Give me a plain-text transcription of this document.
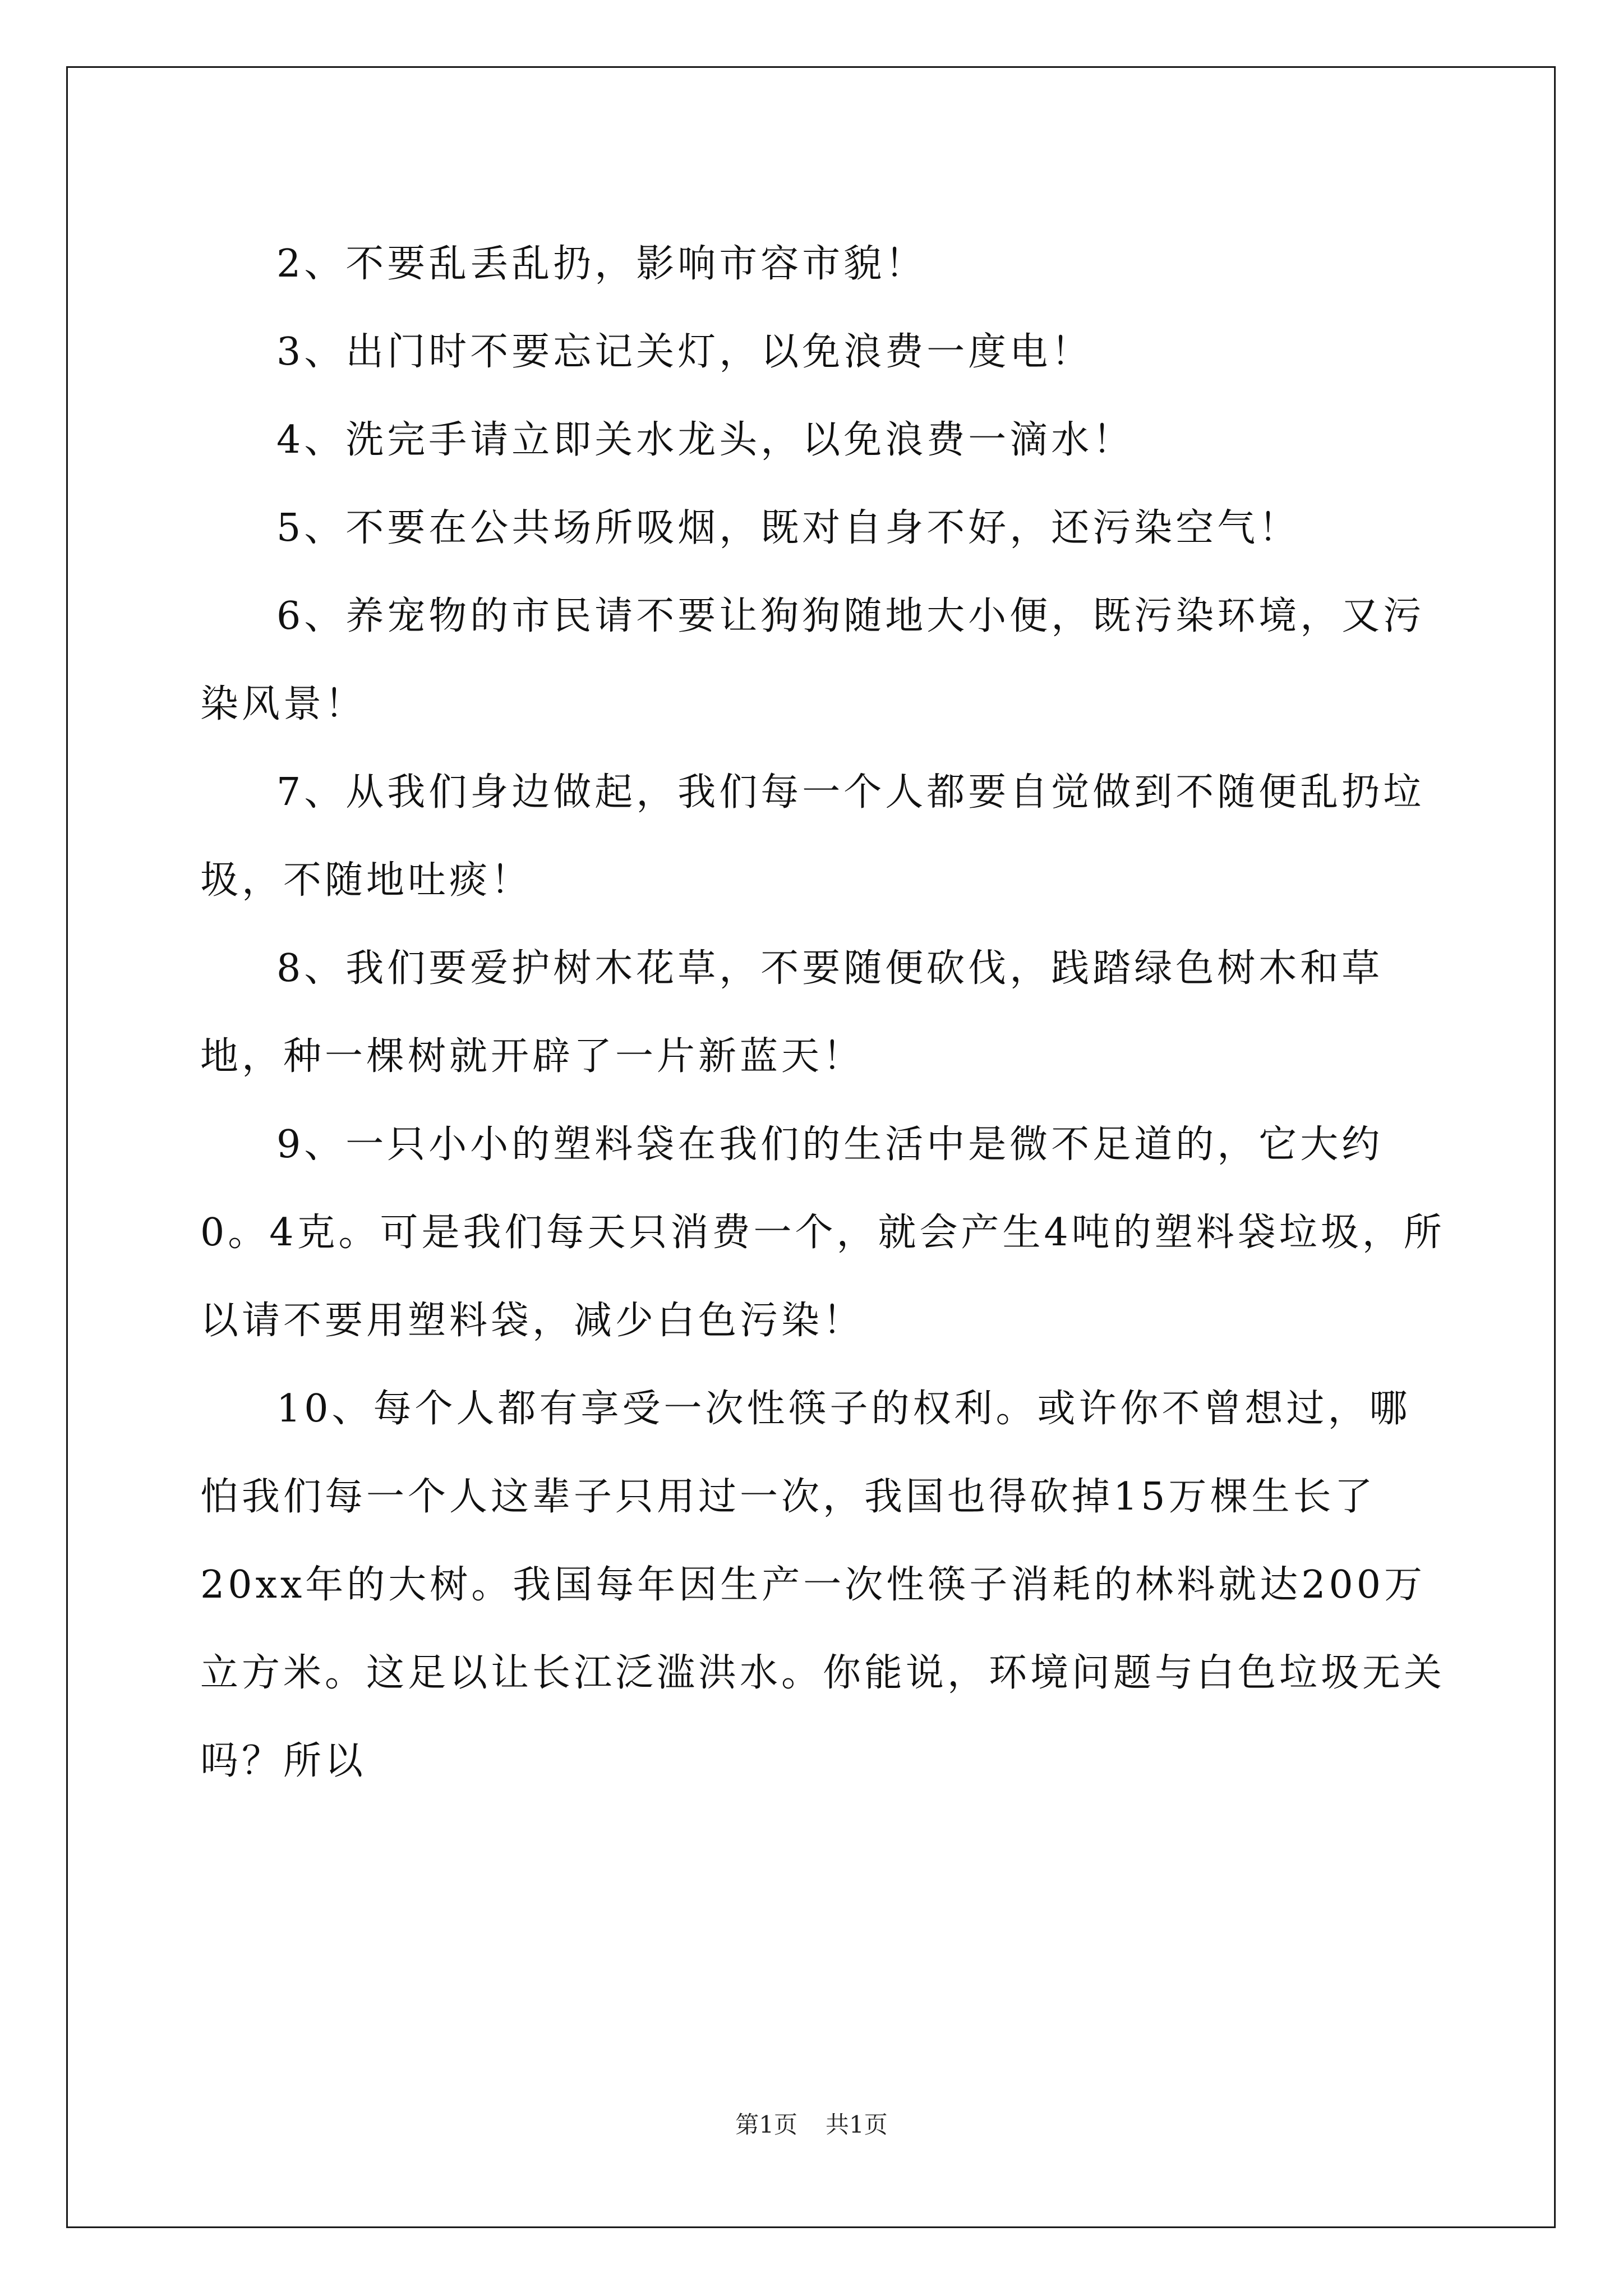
2、不要乱丢乱扔，影响市容市貌！

3、出门时不要忘记关灯，以免浪费一度电！

4、洗完手请立即关水龙头，以免浪费一滴水！

5、不要在公共场所吸烟，既对自身不好，还污染空气！

6、养宠物的市民请不要让狗狗随地大小便，既污染环境，又污染风景！

7、从我们身边做起，我们每一个人都要自觉做到不随便乱扔垃圾，不随地吐痰！

8、我们要爱护树木花草，不要随便砍伐，践踏绿色树木和草地，种一棵树就开辟了一片新蓝天！

9、一只小小的塑料袋在我们的生活中是微不足道的，它大约0。4克。可是我们每天只消费一个，就会产生4吨的塑料袋垃圾，所以请不要用塑料袋，减少白色污染！

10、每个人都有享受一次性筷子的权利。或许你不曾想过，哪怕我们每一个人这辈子只用过一次，我国也得砍掉15万棵生长了20xx年的大树。我国每年因生产一次性筷子消耗的林料就达200万立方米。这足以让长江泛滥洪水。你能说，环境问题与白色垃圾无关吗？所以

第1页 共1页
